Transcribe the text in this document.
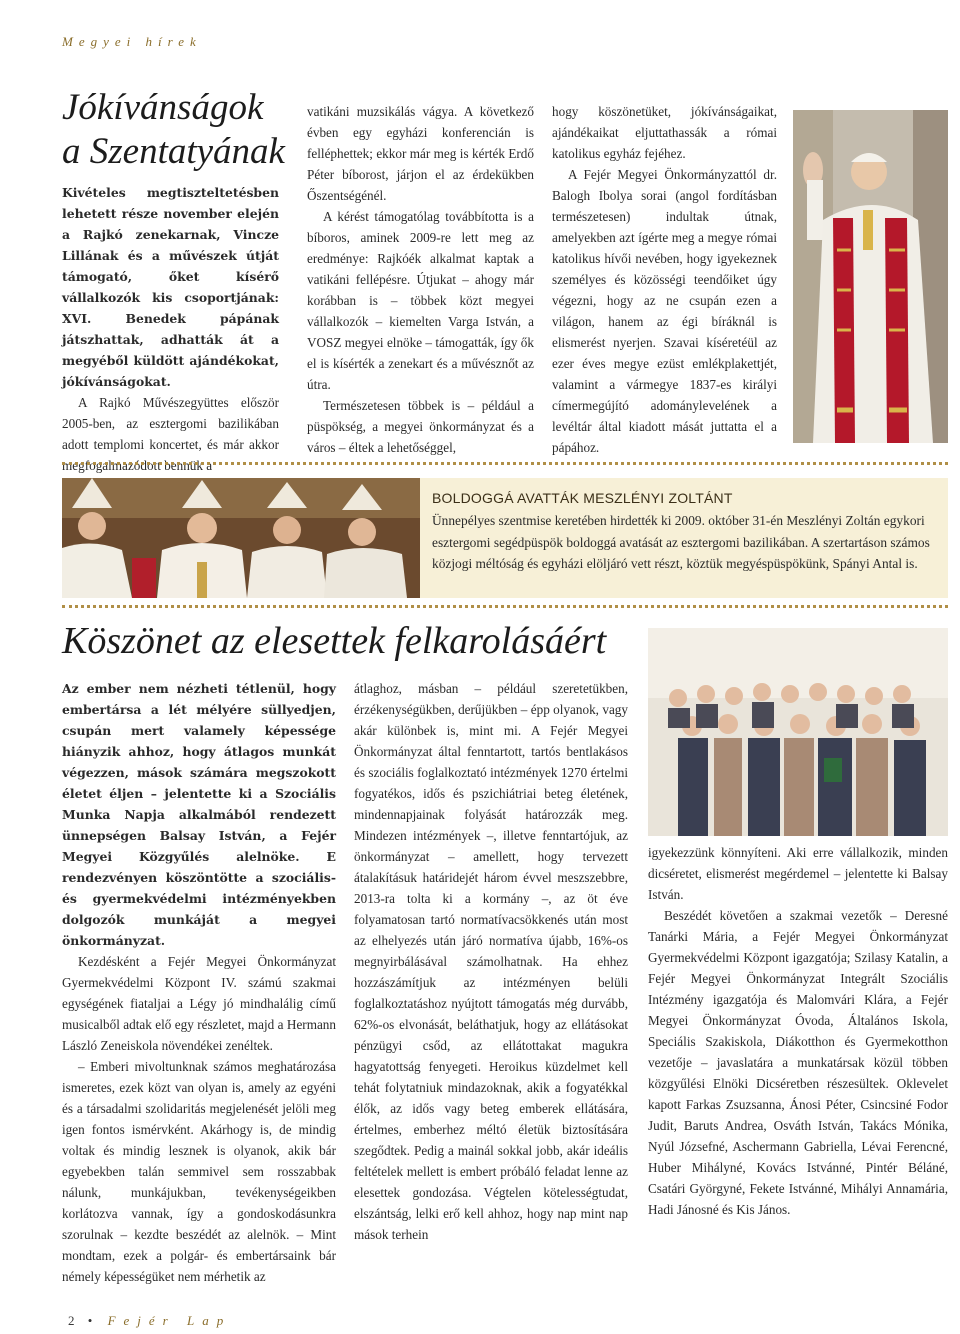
Megyei hírek
Jókívánságok
a Szentatyának

Kivételes megtiszteltetésben lehetett része november elején a Rajkó zenekarnak, Vincze Lillának és a művészek útját támogató, őket kísérő vállalkozók kis csoportjának: XVI. Benedek pápának játszhattak, adhatták át a megyéből küldött ajándékokat, jókívánságokat.

A Rajkó Művészegyüttes először 2005-ben, az esztergomi bazilikában adott templomi koncertet, és már akkor megfogalmazódott bennük a

vatikáni muzsikálás vágya. A következő évben egy egyházi konferencián is felléphettek; ekkor már meg is kérték Erdő Péter bíborost, járjon el az érdekükben Őszentségénél.

A kérést támogatólag továbbította is a bíboros, aminek 2009-re lett meg az eredménye: Rajkóék alkalmat kaptak a vatikáni fellépésre. Útjukat – ahogy már korábban is – többek közt megyei vállalkozók – kiemelten Varga István, a VOSZ megyei elnöke – támogatták, így ők el is kísérték a zenekart és a művésznőt az útra.

Természetesen többek is – például a püspökség, a megyei önkormányzat és a város – éltek a lehetőséggel,

hogy köszönetüket, jókívánságaikat, ajándékaikat eljuttathassák a római katolikus egyház fejéhez.

A Fejér Megyei Önkormányzattól dr. Balogh Ibolya sorai (angol fordításban természetesen) indultak útnak, amelyekben azt ígérte meg a megye római katolikus hívői nevében, hogy igyekeznek személyes és közösségi teendőiket úgy végezni, hogy az ne csupán ezen a világon, hanem az égi bíráknál is elismerést nyerjen. Szavai kíséretéül az ezer éves megye ezüst emlékplakettjét, valamint a vármegye 1837-es királyi címermegújító adománylevelének a levéltár által kiadott mását juttatta el a pápához.

BOLDOGGÁ AVATTÁK MESZLÉNYI ZOLTÁNT

Ünnepélyes szentmise keretében hirdették ki 2009. október 31-én Meszlényi Zoltán egykori esztergomi segédpüspök boldoggá avatását az esztergomi bazilikában. A szertartáson számos közjogi méltóság és egyházi elöljáró vett részt, köztük megyéspüspökünk, Spányi Antal is.

Köszönet az elesettek felkarolásáért

Az ember nem nézheti tétlenül, hogy embertársa a lét mélyére süllyedjen, csupán mert valamely képessége hiányzik ahhoz, hogy átlagos munkát végezzen, mások számára megszokott életet éljen – jelentette ki a Szociális Munka Napja alkalmából rendezett ünnepségen Balsay István, a Fejér Megyei Közgyűlés alelnöke. E rendezvényen köszöntötte a szociális- és gyermekvédelmi intézményekben dolgozók munkáját a megyei önkormányzat.

Kezdésként a Fejér Megyei Önkormányzat Gyermekvédelmi Központ IV. számú szakmai egységének fiataljai a Légy jó mindhalálig című musicalből adtak elő egy részletet, majd a Hermann László Zeneiskola növendékei zenéltek.

– Emberi mivoltunknak számos meghatározása ismeretes, ezek közt van olyan is, amely az egyéni és a társadalmi szolidaritás megjelenését jelöli meg igen fontos ismérvként. Akárhogy is, de mindig voltak és mindig lesznek is olyanok, akik bár egyebekben talán semmivel sem rosszabbak nálunk, munkájukban, tevékenységeikben korlátozva vannak, így a gondoskodásunkra szorulnak – kezdte beszédét az alelnök. – Mint mondtam, ezek a polgár- és embertársaink bár némely képességüket nem mérhetik az

átlaghoz, másban – például szeretetükben, érzékenységükben, derűjükben – épp olyanok, vagy akár különbek is, mint mi. A Fejér Megyei Önkormányzat által fenntartott, tartós bentlakásos és szociális foglalkoztató intézmények 1270 értelmi fogyatékos, idős és pszichiátriai beteg életének, mindennapjainak folyását határozzák meg. Mindezen intézmények –, illetve fenntartójuk, az önkormányzat – amellett, hogy tervezett átalakításuk határidejét három évvel meszszebbre, 2013-ra tolta ki a kormány –, az öt éve folyamatosan tartó normatívacsökkenés után most az elhelyezés után járó normatíva újabb, 16%-os megnyirbálásával számolhatnak. Ha ehhez hozzászámítjuk az intézményen belüli foglalkoztatáshoz nyújtott támogatás még durvább, 62%-os elvonását, beláthatjuk, hogy az ellátásokat pénzügyi csőd, az ellátottakat magukra hagyatottság fenyegeti. Heroikus küzdelmet kell tehát folytatniuk mindazoknak, akik a fogyatékkal élők, az idős vagy beteg emberek ellátására, értelmes, emberhez méltó életük biztosítására szegődtek. Pedig a mainál sokkal jobb, akár ideális feltételek mellett is embert próbáló feladat lenne az elesettek gondozása. Végtelen kötelességtudat, elszántság, lelki erő kell ahhoz, hogy nap mint nap mások terhein

igyekezzünk könnyíteni. Aki erre vállalkozik, minden dicséretet, elismerést megérdemel – jelentette ki Balsay István.

Beszédét követően a szakmai vezetők – Deresné Tanárki Mária, a Fejér Megyei Önkormányzat Gyermekvédelmi Központ igazgatója; Szilasy Katalin, a Fejér Megyei Önkormányzat Integrált Szociális Intézmény igazgatója és Malomvári Klára, a Fejér Megyei Önkormányzat Óvoda, Általános Iskola, Speciális Szakiskola, Diákotthon és Gyermekotthon vezetője – javaslatára a munkatársak közül többen közgyűlési Elnöki Dicséretben részesültek. Oklevelet kapott Farkas Zsuzsanna, Ánosi Péter, Csincsiné Fodor Judit, Baruts Andrea, Osváth István, Takács Mónika, Nyúl Józsefné, Aschermann Gabriella, Lévai Ferencné, Huber Mihályné, Kovács Istvánné, Pintér Béláné, Csatári Györgyné, Fekete Istvánné, Mihályi Annamária, Hadi Jánosné és Kis János.

2 • Fejér Lap
